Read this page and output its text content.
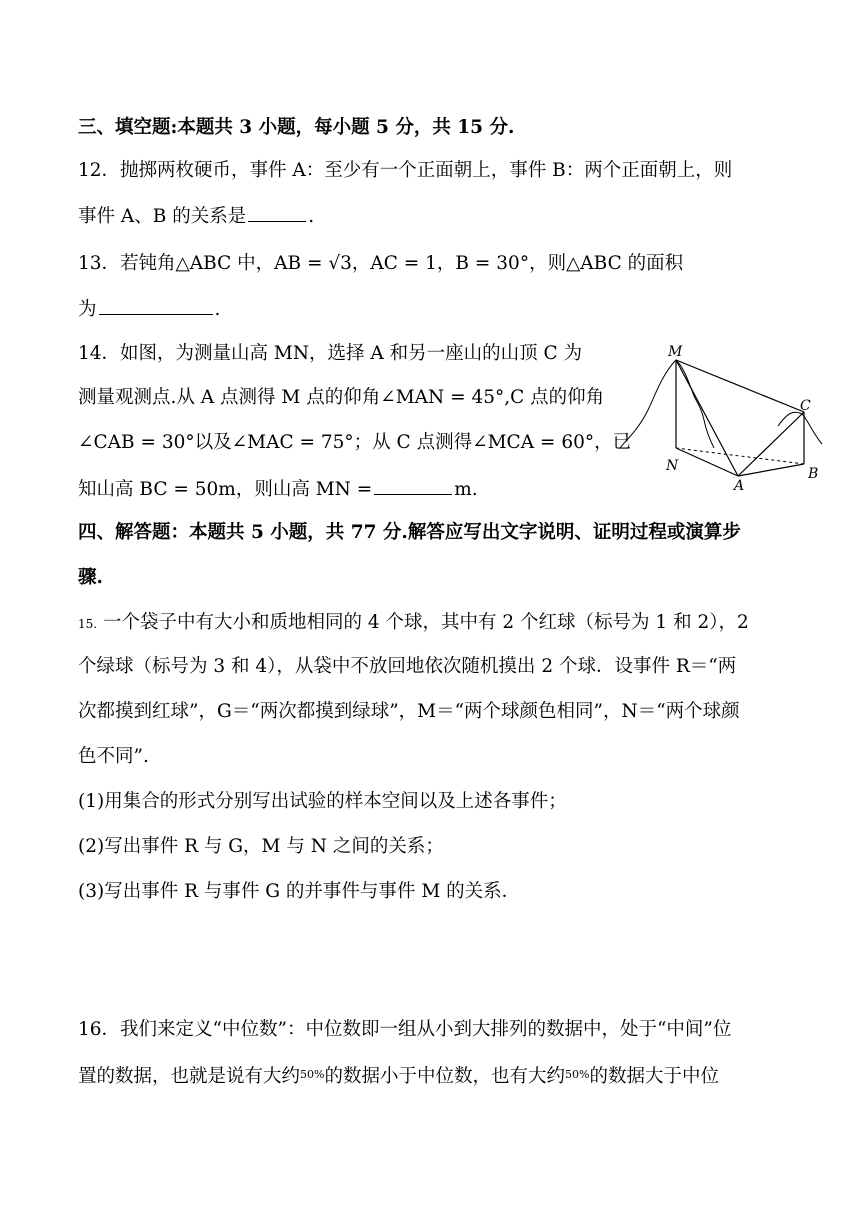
三、填空题:本题共 3 小题，每小题 5 分，共 15 分.
12．抛掷两枚硬币，事件 A：至少有一个正面朝上，事件 B：两个正面朝上，则
事件 A、B 的关系是	.
13．若钝角△ABC 中，AB = √3，AC = 1，B = 30°，则△ABC 的面积
为	.
14．如图，为测量山高 MN，选择 A 和另一座山的山顶 C 为
测量观测点.从 A 点测得 M 点的仰角∠MAN = 45°,C 点的仰角
∠CAB = 30°以及∠MAC = 75°；从 C 点测得∠MCA = 60°，已
知山高 BC = 50m，则山高 MN =	m.
M
C
N
A
B
四、解答题：本题共 5 小题，共 77 分.解答应写出文字说明、证明过程或演算步
骤.
15. 一个袋子中有大小和质地相同的 4 个球，其中有 2 个红球（标号为 1 和 2），2
个绿球（标号为 3 和 4），从袋中不放回地依次随机摸出 2 个球．设事件 R＝“两
次都摸到红球”，G＝“两次都摸到绿球”，M＝“两个球颜色相同”，N＝“两个球颜
色不同”.
(1)用集合的形式分别写出试验的样本空间以及上述各事件；
(2)写出事件 R 与 G，M 与 N 之间的关系；
(3)写出事件 R 与事件 G 的并事件与事件 M 的关系．
16．我们来定义“中位数”：中位数即一组从小到大排列的数据中，处于“中间”位
置的数据，也就是说有大约$^{50\%}$的数据小于中位数，也有大约$^{50\%}$的数据大于中位
